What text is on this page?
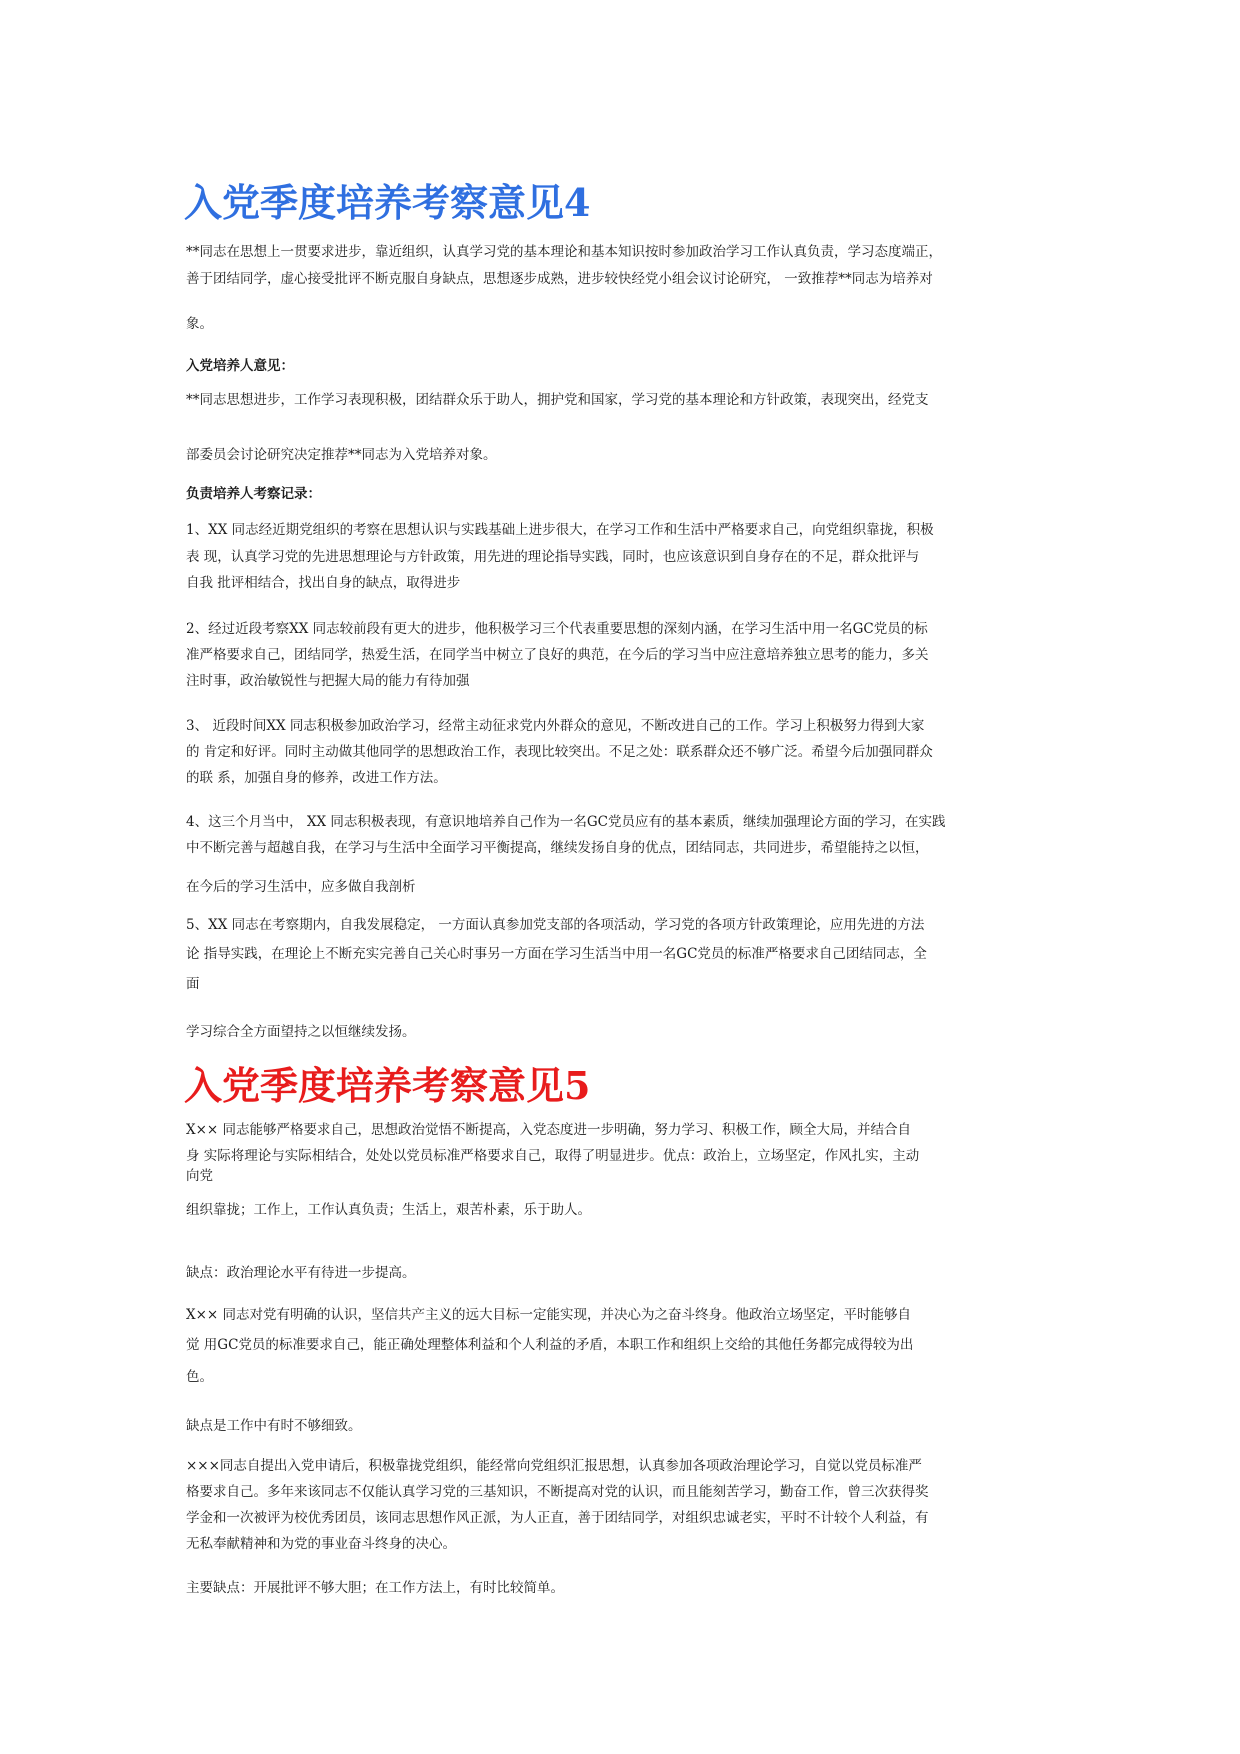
入党季度培养考察意见4

**同志在思想上一贯要求进步，靠近组织，认真学习党的基本理论和基本知识按时参加政治学习工作认真负责，学习态度端正，

善于团结同学，虚心接受批评不断克服自身缺点，思想逐步成熟，进步较快经党小组会议讨论研究， 一致推荐**同志为培养对

象。

入党培养人意见：

**同志思想进步，工作学习表现积极，团结群众乐于助人，拥护党和国家，学习党的基本理论和方针政策，表现突出，经党支

部委员会讨论研究决定推荐**同志为入党培养对象。

负责培养人考察记录：

1、XX 同志经近期党组织的考察在思想认识与实践基础上进步很大，在学习工作和生活中严格要求自己，向党组织靠拢，积极

表 现，认真学习党的先进思想理论与方针政策，用先进的理论指导实践，同时，也应该意识到自身存在的不足，群众批评与

自我 批评相结合，找出自身的缺点，取得进步

2、经过近段考察XX 同志较前段有更大的进步，他积极学习三个代表重要思想的深刻内涵，在学习生活中用一名GC党员的标

准严格要求自己，团结同学，热爱生活，在同学当中树立了良好的典范，在今后的学习当中应注意培养独立思考的能力，多关

注时事，政治敏锐性与把握大局的能力有待加强

3、 近段时间XX 同志积极参加政治学习，经常主动征求党内外群众的意见，不断改进自己的工作。学习上积极努力得到大家

的 肯定和好评。同时主动做其他同学的思想政治工作，表现比较突出。不足之处：联系群众还不够广泛。希望今后加强同群众

的联 系，加强自身的修养，改进工作方法。

4、这三个月当中， XX 同志积极表现，有意识地培养自己作为一名GC党员应有的基本素质，继续加强理论方面的学习，在实践

中不断完善与超越自我，在学习与生活中全面学习平衡提高，继续发扬自身的优点，团结同志，共同进步，希望能持之以恒，

在今后的学习生活中，应多做自我剖析

5、XX 同志在考察期内，自我发展稳定， 一方面认真参加党支部的各项活动，学习党的各项方针政策理论，应用先进的方法

论 指导实践，在理论上不断充实完善自己关心时事另一方面在学习生活当中用一名GC党员的标准严格要求自己团结同志，全

面

学习综合全方面望持之以恒继续发扬。

入党季度培养考察意见5

X×× 同志能够严格要求自己，思想政治觉悟不断提高，入党态度进一步明确，努力学习、积极工作，顾全大局，并结合自

身 实际将理论与实际相结合，处处以党员标准严格要求自己，取得了明显进步。优点：政治上，立场坚定，作风扎实，主动

向党

组织靠拢；工作上，工作认真负责；生活上，艰苦朴素，乐于助人。

缺点：政治理论水平有待进一步提高。

X×× 同志对党有明确的认识，坚信共产主义的远大目标一定能实现，并决心为之奋斗终身。他政治立场坚定，平时能够自

觉 用GC党员的标准要求自己，能正确处理整体利益和个人利益的矛盾，本职工作和组织上交给的其他任务都完成得较为出

色。

缺点是工作中有时不够细致。

×××同志自提出入党申请后，积极靠拢党组织，能经常向党组织汇报思想，认真参加各项政治理论学习，自觉以党员标准严

格要求自己。多年来该同志不仅能认真学习党的三基知识，不断提高对党的认识，而且能刻苦学习，勤奋工作，曾三次获得奖

学金和一次被评为校优秀团员，该同志思想作风正派，为人正直，善于团结同学，对组织忠诚老实，平时不计较个人利益，有

无私奉献精神和为党的事业奋斗终身的决心。

主要缺点：开展批评不够大胆；在工作方法上，有时比较简单。
